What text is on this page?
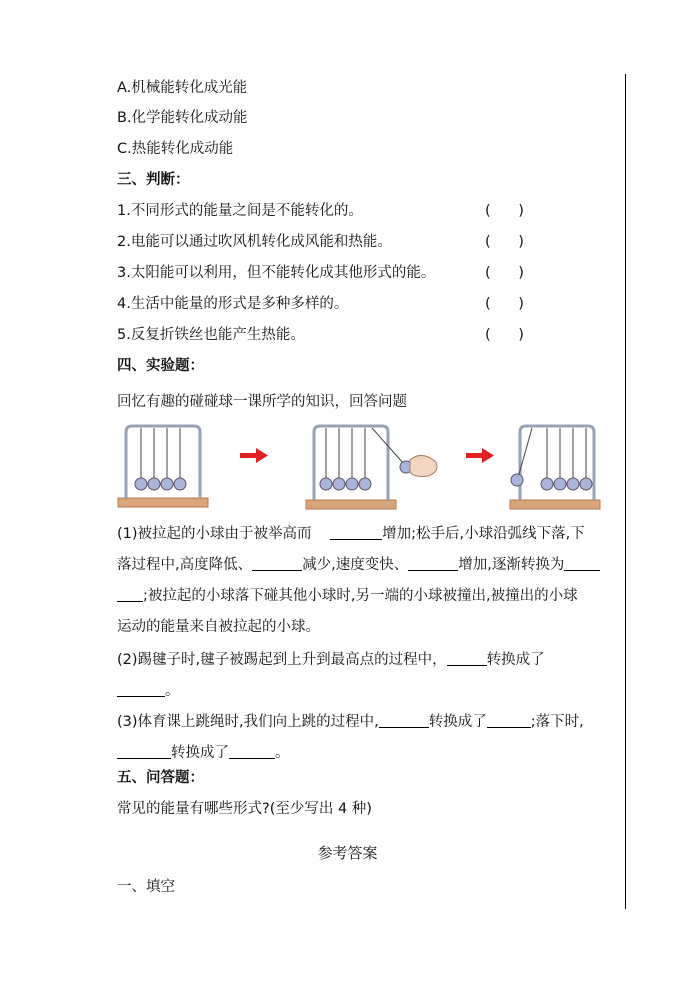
A.机械能转化成光能
B.化学能转化成动能
C.热能转化成动能
三、判断：
1.不同形式的能量之间是不能转化的。	(      )
2.电能可以通过吹风机转化成风能和热能。	(      )
3.太阳能可以利用，但不能转化成其他形式的能。	(      )
4.生活中能量的形式是多种多样的。	(      )
5.反复折铁丝也能产生热能。	(      )
四、实验题：
回忆有趣的碰碰球一课所学的知识，回答问题
(1)被拉起的小球由于被举高而	增加;松手后,小球沿弧线下落,下
落过程中,高度降低、	减少,速度变快、	增加,逐渐转换为
;被拉起的小球落下碰其他小球时,另一端的小球被撞出,被撞出的小球
运动的能量来自被拉起的小球。
(2)踢毽子时,毽子被踢起到上升到最高点的过程中，	转换成了
。
(3)体育课上跳绳时,我们向上跳的过程中,	转换成了	;落下时,
转换成了	。
五、问答题：
常见的能量有哪些形式?(至少写出 4 种)
参考答案
一、填空
